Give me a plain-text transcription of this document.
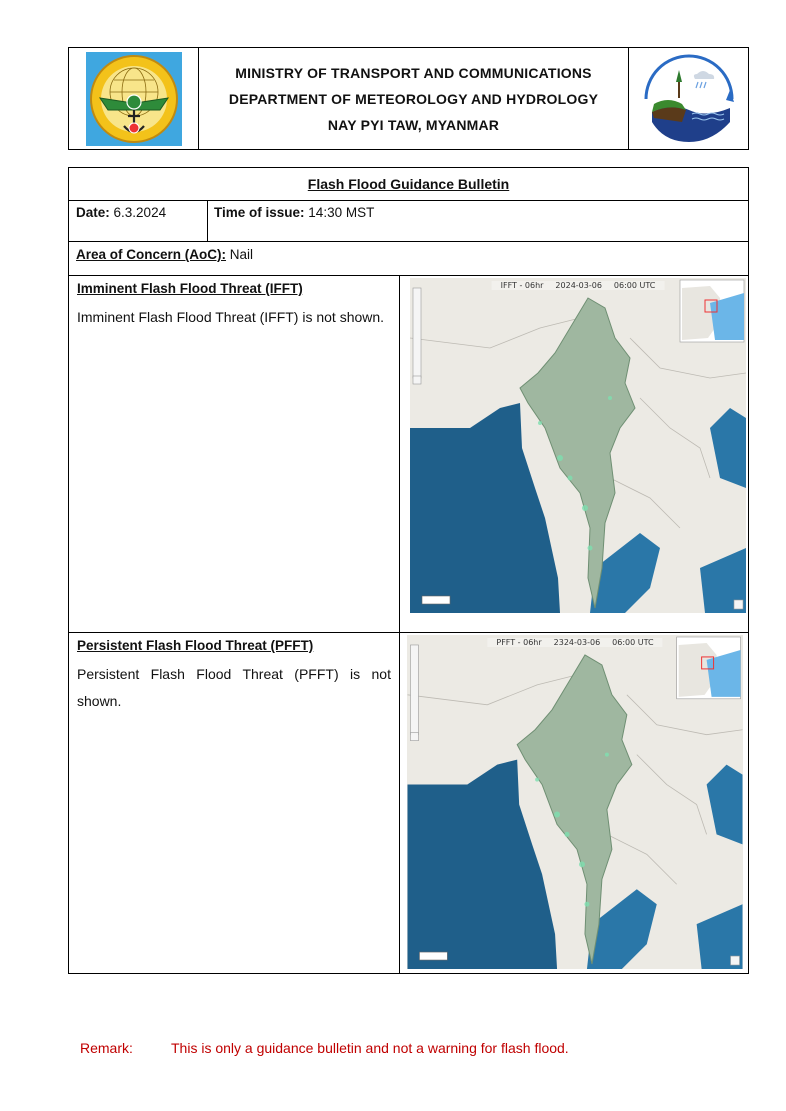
MINISTRY OF TRANSPORT AND COMMUNICATIONS
DEPARTMENT OF METEOROLOGY AND HYDROLOGY
NAY PYI TAW, MYANMAR
Flash Flood Guidance Bulletin
Date: 6.3.2024	Time of issue: 14:30 MST
Area of Concern (AoC): Nail
Imminent Flash Flood Threat (IFFT)
Imminent Flash Flood Threat (IFFT) is not shown.
IFFT - 06hr 2024-03-06 06:00 UTC
Persistent Flash Flood Threat (PFFT)
Persistent Flash Flood Threat (PFFT) is not shown.
PFFT - 06hr 2324-03-06 06:00 UTC
Remark:	This is only a guidance bulletin and not a warning for flash flood.
